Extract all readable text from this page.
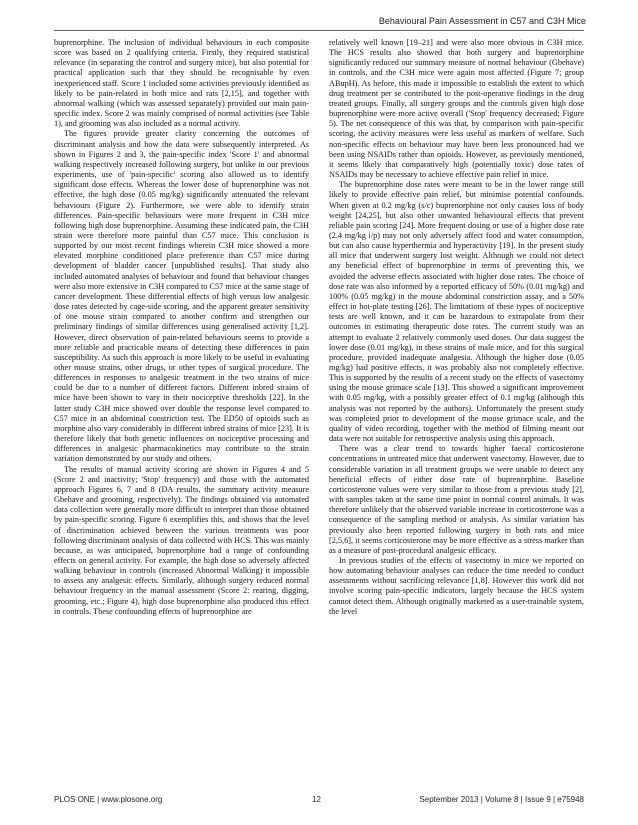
Behavioural Pain Assessment in C57 and C3H Mice

buprenorphine. The inclusion of individual behaviours in each composite score was based on 2 qualifying criteria. Firstly, they required statistical relevance (in separating the control and surgery mice), but also potential for practical application such that they should be recognisable by even inexperienced staff. Score 1 included some activities previously identified as likely to be pain-related in both mice and rats [2,15], and together with abnormal walking (which was assessed separately) provided our main pain-specific index. Score 2 was mainly comprised of normal activities (see Table 1), and grooming was also included as a normal activity.

The figures provide greater clarity concerning the outcomes of discriminant analysis and how the data were subsequently interpreted. As shown in Figures 2 and 3, the pain-specific index 'Score 1' and abnormal walking respectively increased following surgery, but unlike in our previous experiments, use of 'pain-specific' scoring also allowed us to identify significant dose effects. Whereas the lower dose of buprenorphine was not effective, the high dose (0.05 mg/kg) significantly attenuated the relevant behaviours (Figure 2). Furthermore, we were able to identify strain differences. Pain-specific behaviours were more frequent in C3H mice following high dose buprenorphine. Assuming these indicated pain, the C3H strain were therefore more painful than C57 mice. This conclusion is supported by our most recent findings wherein C3H mice showed a more elevated morphine conditioned place preference than C57 mice during development of bladder cancer [unpublished results]. That study also included automated analyses of behaviour and found that behaviour changes were also more extensive in C3H compared to C57 mice at the same stage of cancer development. These differential effects of high versus low analgesic dose rates detected by cage-side scoring, and the apparent greater sensitivity of one mouse strain compared to another confirm and strengthen our preliminary findings of similar differences using generalised activity [1,2]. However, direct observation of pain-related behaviours seems to provide a more reliable and practicable means of detecting these differences in pain susceptibility. As such this approach is more likely to be useful in evaluating other mouse strains, other drugs, or other types of surgical procedure. The differences in responses to analgesic treatment in the two strains of mice could be due to a number of different factors. Different inbred strains of mice have been shown to vary in their nociceptive thresholds [22]. In the latter study C3H mice showed over double the response level compared to C57 mice in an abdominal constriction test. The ED50 of opioids such as morphine also vary considerably in different inbred strains of mice [23]. It is therefore likely that both genetic influences on nociceptive processing and differences in analgesic pharmacokinetics may contribute to the strain variation demonstrated by our study and others.

The results of manual activity scoring are shown in Figures 4 and 5 (Score 2 and inactivity; 'Stop' frequency) and those with the automated approach Figures 6, 7 and 8 (DA results, the summary activity measure Gbehave and grooming, respectively). The findings obtained via automated data collection were generally more difficult to interpret than those obtained by pain-specific scoring. Figure 6 exemplifies this, and shows that the level of discrimination achieved between the various treatments was poor following discriminant analysis of data collected with HCS. This was mainly because, as was anticipated, buprenorphine had a range of confounding effects on general activity. For example, the high dose so adversely affected walking behaviour in controls (increased Abnormal Walking) it impossible to assess any analgesic effects. Similarly, although surgery reduced normal behaviour frequency in the manual assessment (Score 2: rearing, digging, grooming, etc.; Figure 4), high dose buprenorphine also produced this effect in controls. These confounding effects of buprenorphine are

relatively well known [19–21] and were also more obvious in C3H mice. The HCS results also showed that both surgery and buprenorphine significantly reduced our summary measure of normal behaviour (Gbehave) in controls, and the C3H mice were again most affected (Figure 7; group ABupH). As before, this made it impossible to establish the extent to which drug treatment per se contributed to the post-operative findings in the drug treated groups. Finally, all surgery groups and the controls given high dose buprenorphine were more active overall ('Stop' frequency decreased; Figure 5). The net consequence of this was that, by comparison with pain-specific scoring, the activity measures were less useful as markers of welfare. Such non-specific effects on behaviour may have been less pronounced had we been using NSAIDs rather than opioids. However, as previously mentioned, it seems likely that comparatively high (potentially toxic) dose rates of NSAIDs may be necessary to achieve effective pain relief in mice.

The buprenorphine dose rates were meant to be in the lower range still likely to provide effective pain relief, but minimise potential confounds. When given at 0.2 mg/kg (s/c) buprenorphine not only causes loss of body weight [24,25], but also other unwanted behavioural effects that prevent reliable pain scoring [24]. More frequent dosing or use of a higher dose rate (2.4 mg/kg i/p) may not only adversely affect food and water consumption, but can also cause hyperthermia and hyperactivity [19]. In the present study all mice that underwent surgery lost weight. Although we could not detect any beneficial effect of buprenorphine in terms of preventing this, we avoided the adverse effects associated with higher dose rates. The choice of dose rate was also informed by a reported efficacy of 50% (0.01 mg/kg) and 100% (0.05 mg/kg) in the mouse abdominal constriction assay, and a 50% effect in hot-plate testing [26]. The limitations of these types of nociceptive tests are well known, and it can be hazardous to extrapolate from their outcomes in estimating therapeutic dose rates. The current study was an attempt to evaluate 2 relatively commonly used doses. Our data suggest the lower dose (0.01 mg/kg), in these strains of male mice, and for this surgical procedure, provided inadequate analgesia. Although the higher dose (0.05 mg/kg) had positive effects, it was probably also not completely effective. This is supported by the results of a recent study on the effects of vasectomy using the mouse grimace scale [13]. This showed a significant improvement with 0.05 mg/kg, with a possibly greater effect of 0.1 mg/kg (although this analysis was not reported by the authors). Unfortunately the present study was completed prior to development of the mouse grimace scale, and the quality of video recording, together with the method of filming meant our data were not suitable for retrospective analysis using this approach.

There was a clear trend to towards higher faecal corticosterone concentrations in untreated mice that underwent vasectomy. However, due to considerable variation in all treatment groups we were unable to detect any beneficial effects of either dose rate of buprenorphine. Baseline corticosterone values were very similar to those from a previous study [2], with samples taken at the same time point in normal control animals. It was therefore unlikely that the observed variable increase in corticosterone was a consequence of the sampling method or analysis. As similar variation has previously also been reported following surgery in both rats and mice [2,5,6], it seems corticosterone may be more effective as a stress marker than as a measure of post-procedural analgesic efficacy.

In previous studies of the effects of vasectomy in mice we reported on how automating behaviour analyses can reduce the time needed to conduct assessments without sacrificing relevance [1,8]. However this work did not involve scoring pain-specific indicators, largely because the HCS system cannot detect them. Although originally marketed as a user-trainable system, the level

PLOS ONE | www.plosone.org	12	September 2013 | Volume 8 | Issue 9 | e75948
